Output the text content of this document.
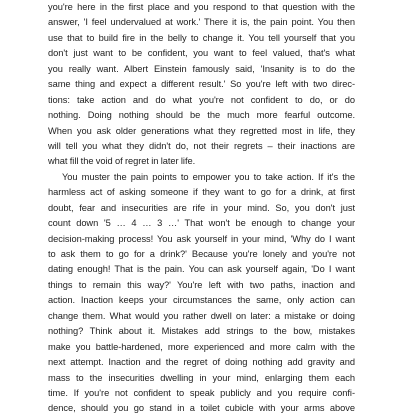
you're here in the first place and you respond to that question with the
answer, 'I feel undervalued at work.' There it is, the pain point. You then
use that to build fire in the belly to change it. You tell yourself that you
don't just want to be confident, you want to feel valued, that's what
you really want. Albert Einstein famously said, 'Insanity is to do the
same thing and expect a different result.' So you're left with two direc-
tions: take action and do what you're not confident to do, or do
nothing. Doing nothing should be the much more fearful outcome.
When you ask older generations what they regretted most in life, they
will tell you what they didn't do, not their regrets – their inactions are
what fill the void of regret in later life.
You muster the pain points to empower you to take action. If it's the
harmless act of asking someone if they want to go for a drink, at first
doubt, fear and insecurities are rife in your mind. So, you don't just
count down '5 … 4 … 3 …' That won't be enough to change your
decision-making process! You ask yourself in your mind, 'Why do I want
to ask them to go for a drink?' Because you're lonely and you're not
dating enough! That is the pain. You can ask yourself again, 'Do I want
things to remain this way?' You're left with two paths, inaction and
action. Inaction keeps your circumstances the same, only action can
change them. What would you rather dwell on later: a mistake or doing
nothing? Think about it. Mistakes add strings to the bow, mistakes
make you battle-hardened, more experienced and more calm with the
next attempt. Inaction and the regret of doing nothing add gravity and
mass to the insecurities dwelling in your mind, enlarging them each
time. If you're not confident to speak publicly and you require confi-
dence, should you go stand in a toilet cubicle with your arms above
